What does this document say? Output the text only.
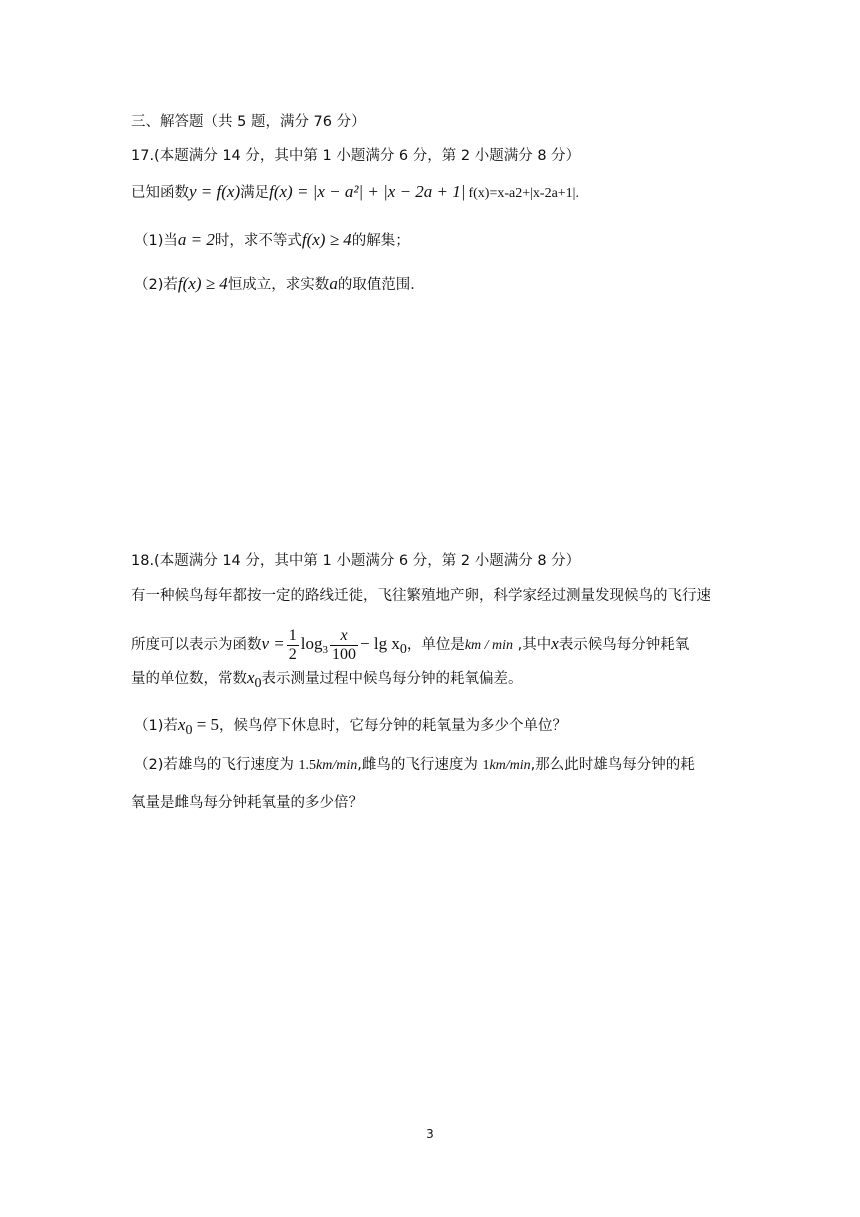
三、解答题（共 5 题，满分 76 分）
17.(本题满分 14 分，其中第 1 小题满分 6 分，第 2 小题满分 8 分）
已知函数y = f(x)满足f(x) = |x − a²| + |x − 2a + 1| f(x)=x-a2+|x-2a+1|.
（1)当a = 2时，求不等式f(x) ≥ 4的解集；
（2)若f(x) ≥ 4恒成立，求实数a的取值范围．
18.(本题满分 14 分，其中第 1 小题满分 6 分，第 2 小题满分 8 分）
有一种候鸟每年都按一定的路线迁徙，飞往繁殖地产卵，科学家经过测量发现候鸟的飞行速
所度可以表示为函数$v = \frac{1}{2} \log_3 \frac{x}{100} - \lg x_0$，单位是km / min ,其中x表示候鸟每分钟耗氧
量的单位数，常数$x_0$表示测量过程中候鸟每分钟的耗氧偏差。
（1)若$x_0 = 5$，候鸟停下休息时，它每分钟的耗氧量为多少个单位？
（2)若雄鸟的飞行速度为 1.5km/min,雌鸟的飞行速度为 1km/min,那么此时雄鸟每分钟的耗
氧量是雌鸟每分钟耗氧量的多少倍？
3
